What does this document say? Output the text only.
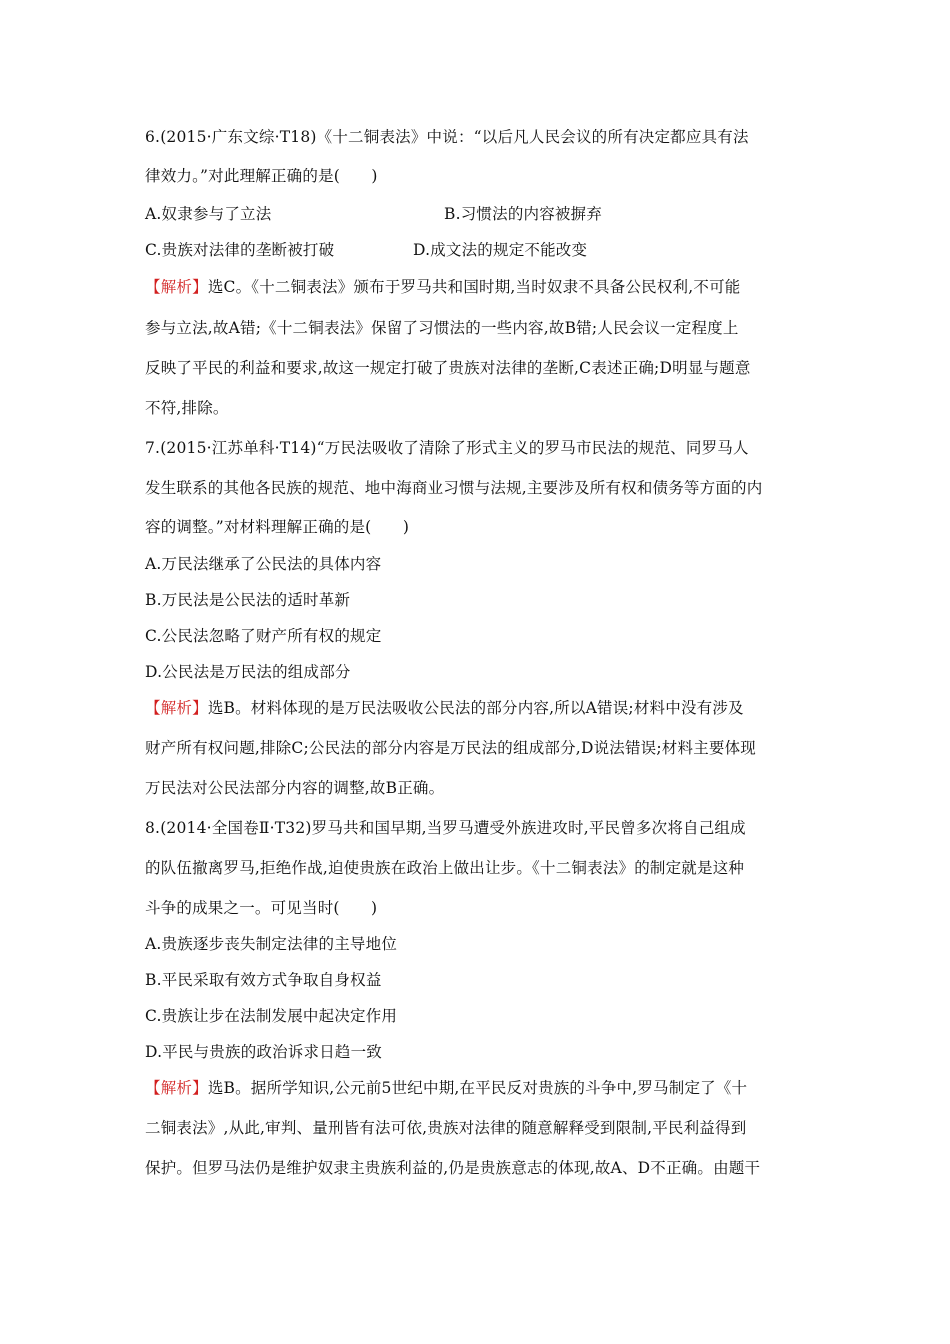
6.(2015·广东文综·T18)《十二铜表法》中说：“以后凡人民会议的所有决定都应具有法
律效力。”对此理解正确的是(　　)
A.奴隶参与了立法	B.习惯法的内容被摒弃
C.贵族对法律的垄断被打破	D.成文法的规定不能改变
【解析】选C。《十二铜表法》颁布于罗马共和国时期,当时奴隶不具备公民权利,不可能
参与立法,故A错;《十二铜表法》保留了习惯法的一些内容,故B错;人民会议一定程度上
反映了平民的利益和要求,故这一规定打破了贵族对法律的垄断,C表述正确;D明显与题意
不符,排除。
7.(2015·江苏单科·T14)“万民法吸收了清除了形式主义的罗马市民法的规范、同罗马人
发生联系的其他各民族的规范、地中海商业习惯与法规,主要涉及所有权和债务等方面的内
容的调整。”对材料理解正确的是(　　)
A.万民法继承了公民法的具体内容
B.万民法是公民法的适时革新
C.公民法忽略了财产所有权的规定
D.公民法是万民法的组成部分
【解析】选B。材料体现的是万民法吸收公民法的部分内容,所以A错误;材料中没有涉及
财产所有权问题,排除C;公民法的部分内容是万民法的组成部分,D说法错误;材料主要体现
万民法对公民法部分内容的调整,故B正确。
8.(2014·全国卷Ⅱ·T32)罗马共和国早期,当罗马遭受外族进攻时,平民曾多次将自己组成
的队伍撤离罗马,拒绝作战,迫使贵族在政治上做出让步。《十二铜表法》的制定就是这种
斗争的成果之一。可见当时(　　)
A.贵族逐步丧失制定法律的主导地位
B.平民采取有效方式争取自身权益
C.贵族让步在法制发展中起决定作用
D.平民与贵族的政治诉求日趋一致
【解析】选B。据所学知识,公元前5世纪中期,在平民反对贵族的斗争中,罗马制定了《十
二铜表法》,从此,审判、量刑皆有法可依,贵族对法律的随意解释受到限制,平民利益得到
保护。但罗马法仍是维护奴隶主贵族利益的,仍是贵族意志的体现,故A、D不正确。由题干
